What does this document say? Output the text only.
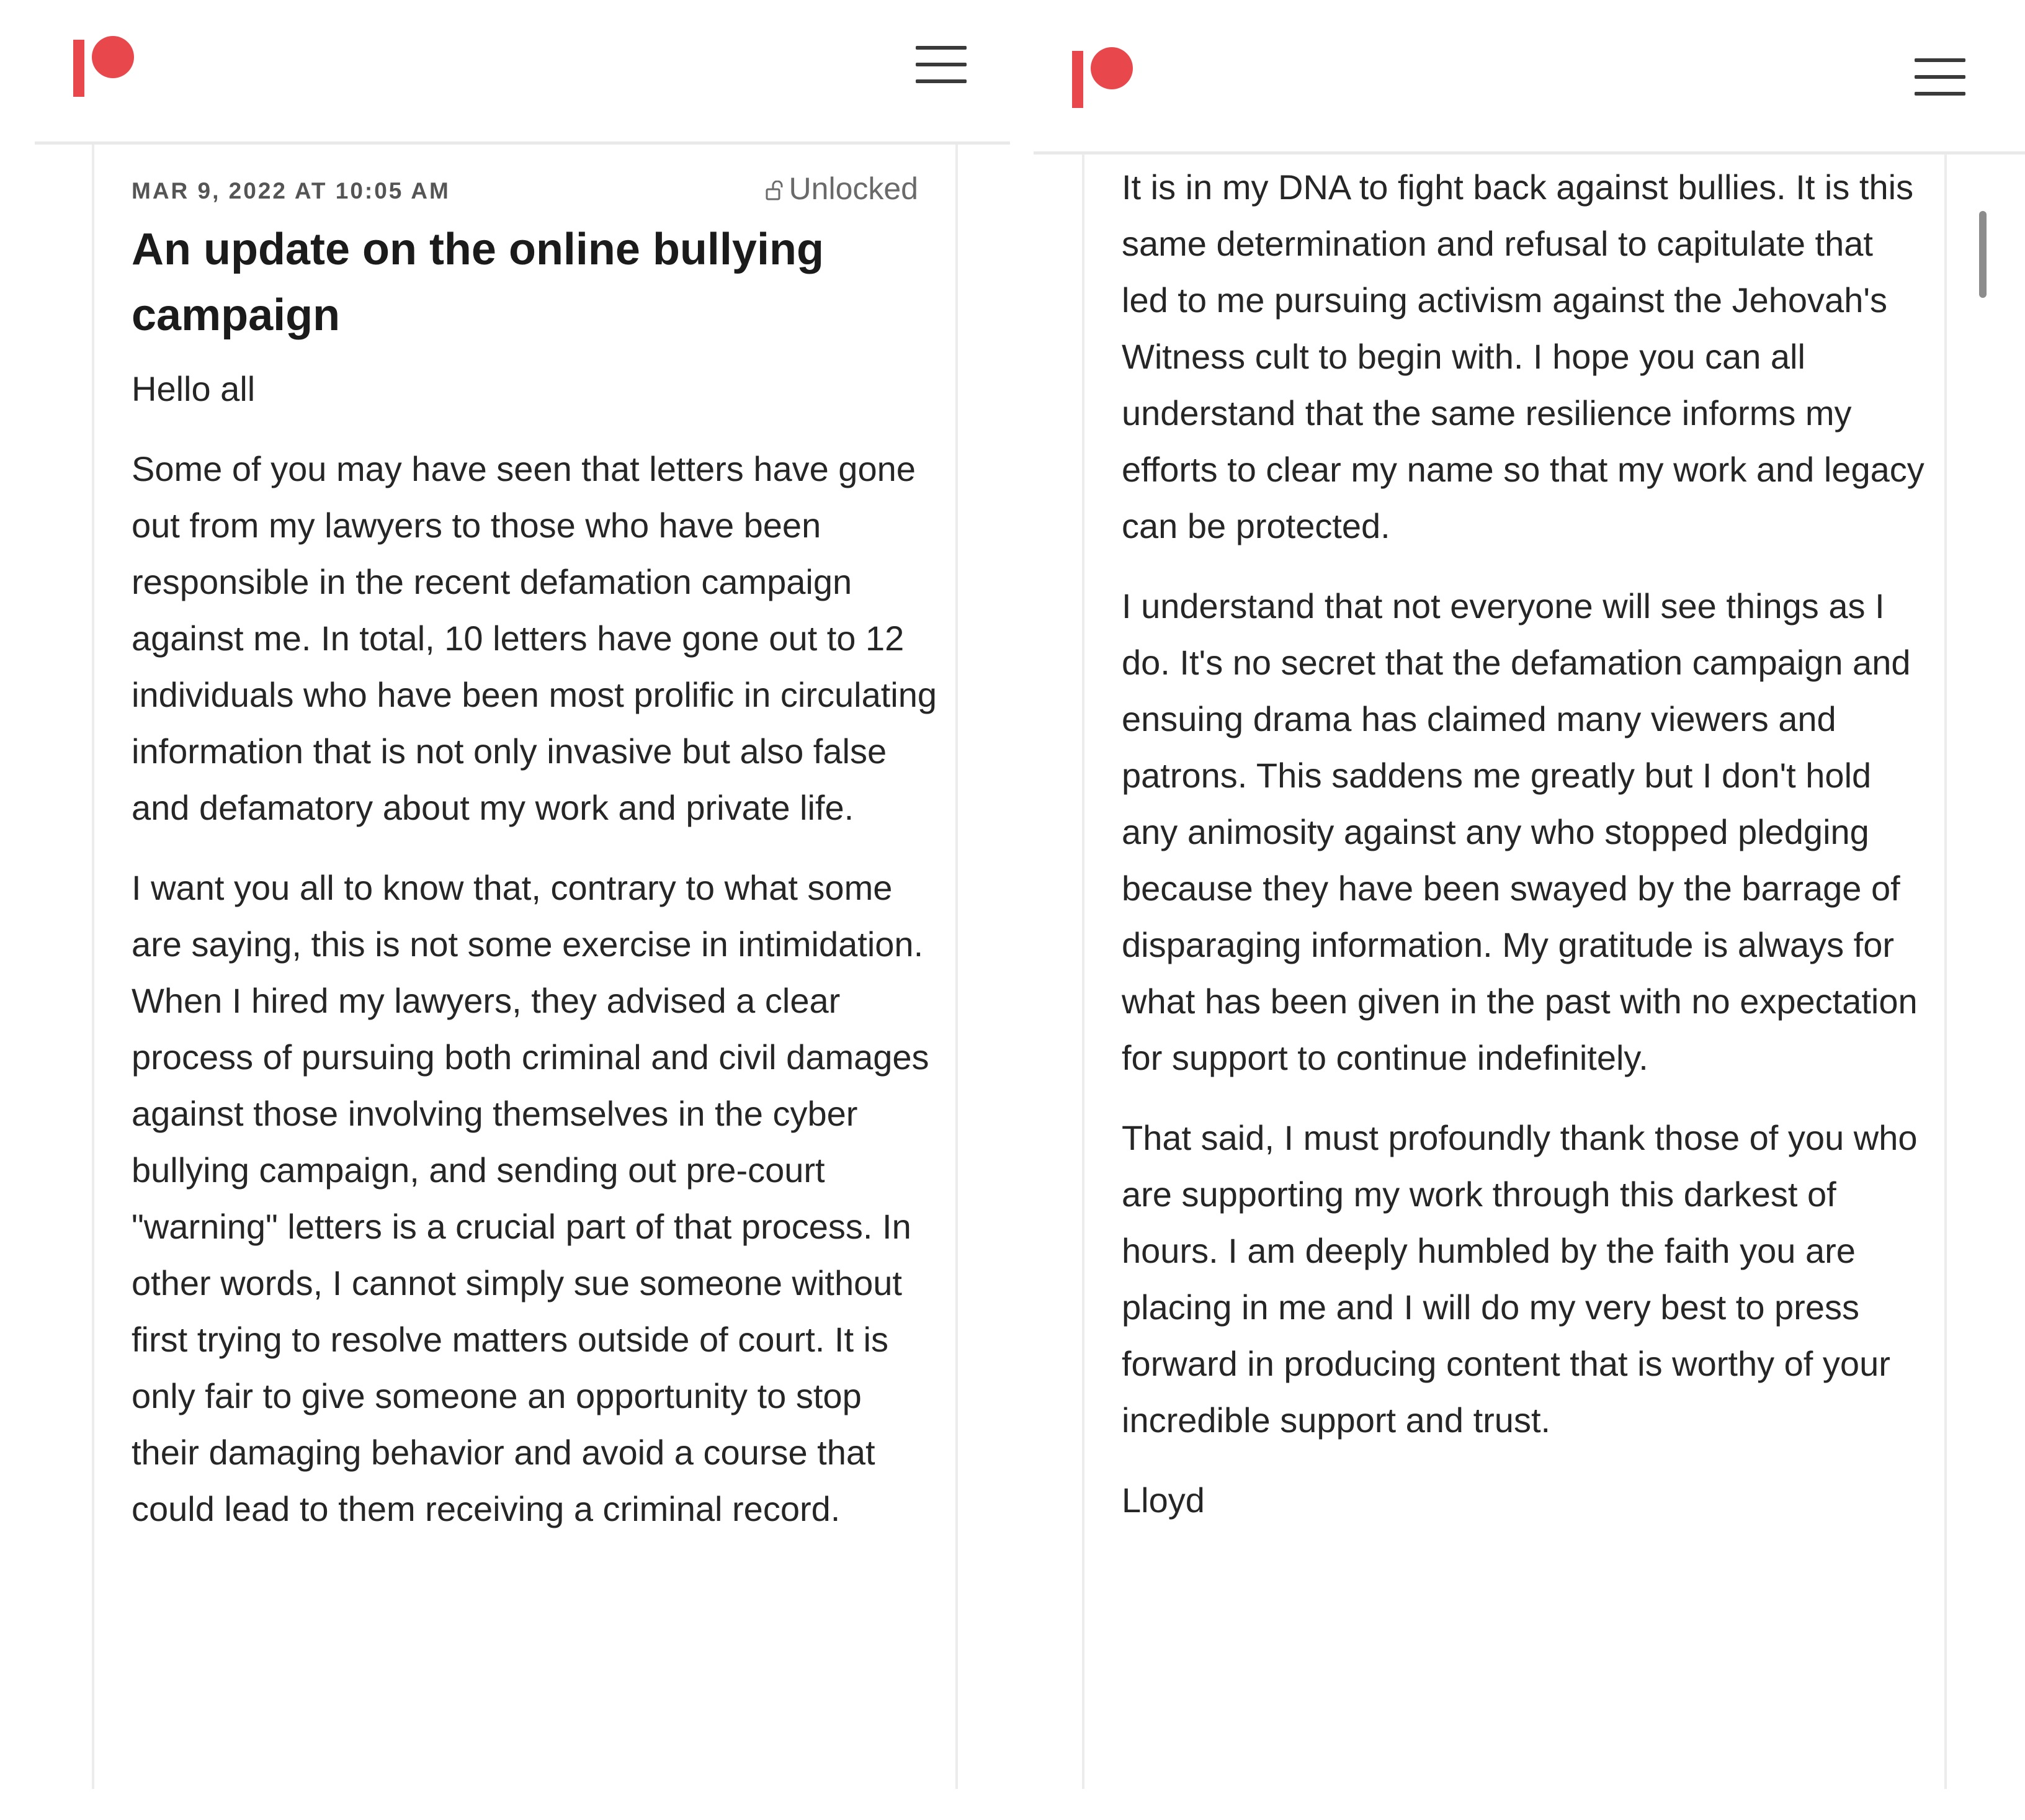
MAR 9, 2022 AT 10:05 AM	Unlocked
An update on the online bullying campaign

Hello all

Some of you may have seen that letters have gone out from my lawyers to those who have been responsible in the recent defamation campaign against me. In total, 10 letters have gone out to 12 individuals who have been most prolific in circulating information that is not only invasive but also false and defamatory about my work and private life.

I want you all to know that, contrary to what some are saying, this is not some exercise in intimidation. When I hired my lawyers, they advised a clear process of pursuing both criminal and civil damages against those involving themselves in the cyber bullying campaign, and sending out pre-court "warning" letters is a crucial part of that process. In other words, I cannot simply sue someone without first trying to resolve matters outside of court. It is only fair to give someone an opportunity to stop their damaging behavior and avoid a course that could lead to them receiving a criminal record.

It is in my DNA to fight back against bullies. It is this same determination and refusal to capitulate that led to me pursuing activism against the Jehovah's Witness cult to begin with. I hope you can all understand that the same resilience informs my efforts to clear my name so that my work and legacy can be protected.

I understand that not everyone will see things as I do. It's no secret that the defamation campaign and ensuing drama has claimed many viewers and patrons. This saddens me greatly but I don't hold any animosity against any who stopped pledging because they have been swayed by the barrage of disparaging information. My gratitude is always for what has been given in the past with no expectation for support to continue indefinitely.

That said, I must profoundly thank those of you who are supporting my work through this darkest of hours. I am deeply humbled by the faith you are placing in me and I will do my very best to press forward in producing content that is worthy of your incredible support and trust.

Lloyd
